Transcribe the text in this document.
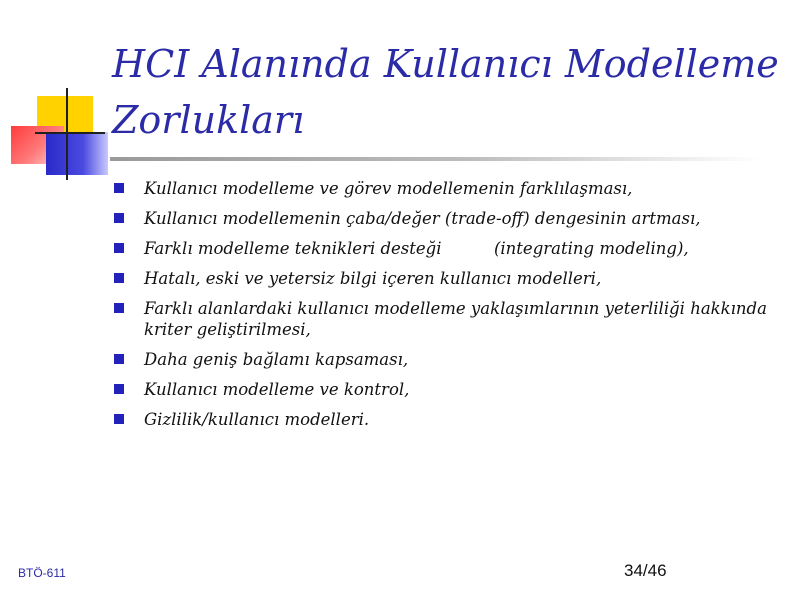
HCI Alanında Kullanıcı Modelleme
Zorlukları
Kullanıcı modelleme ve görev modellemenin farklılaşması,
Kullanıcı modellemenin çaba/değer (trade-off) dengesinin artması,
Farklı modelleme teknikleri desteği          (integrating modeling),
Hatalı, eski ve yetersiz bilgi içeren kullanıcı modelleri,
Farklı alanlardaki kullanıcı modelleme yaklaşımlarının yeterliliği hakkında kriter geliştirilmesi,
Daha geniş bağlamı kapsaması,
Kullanıcı modelleme ve kontrol,
Gizlilik/kullanıcı modelleri.
BTÖ-611	34/46
